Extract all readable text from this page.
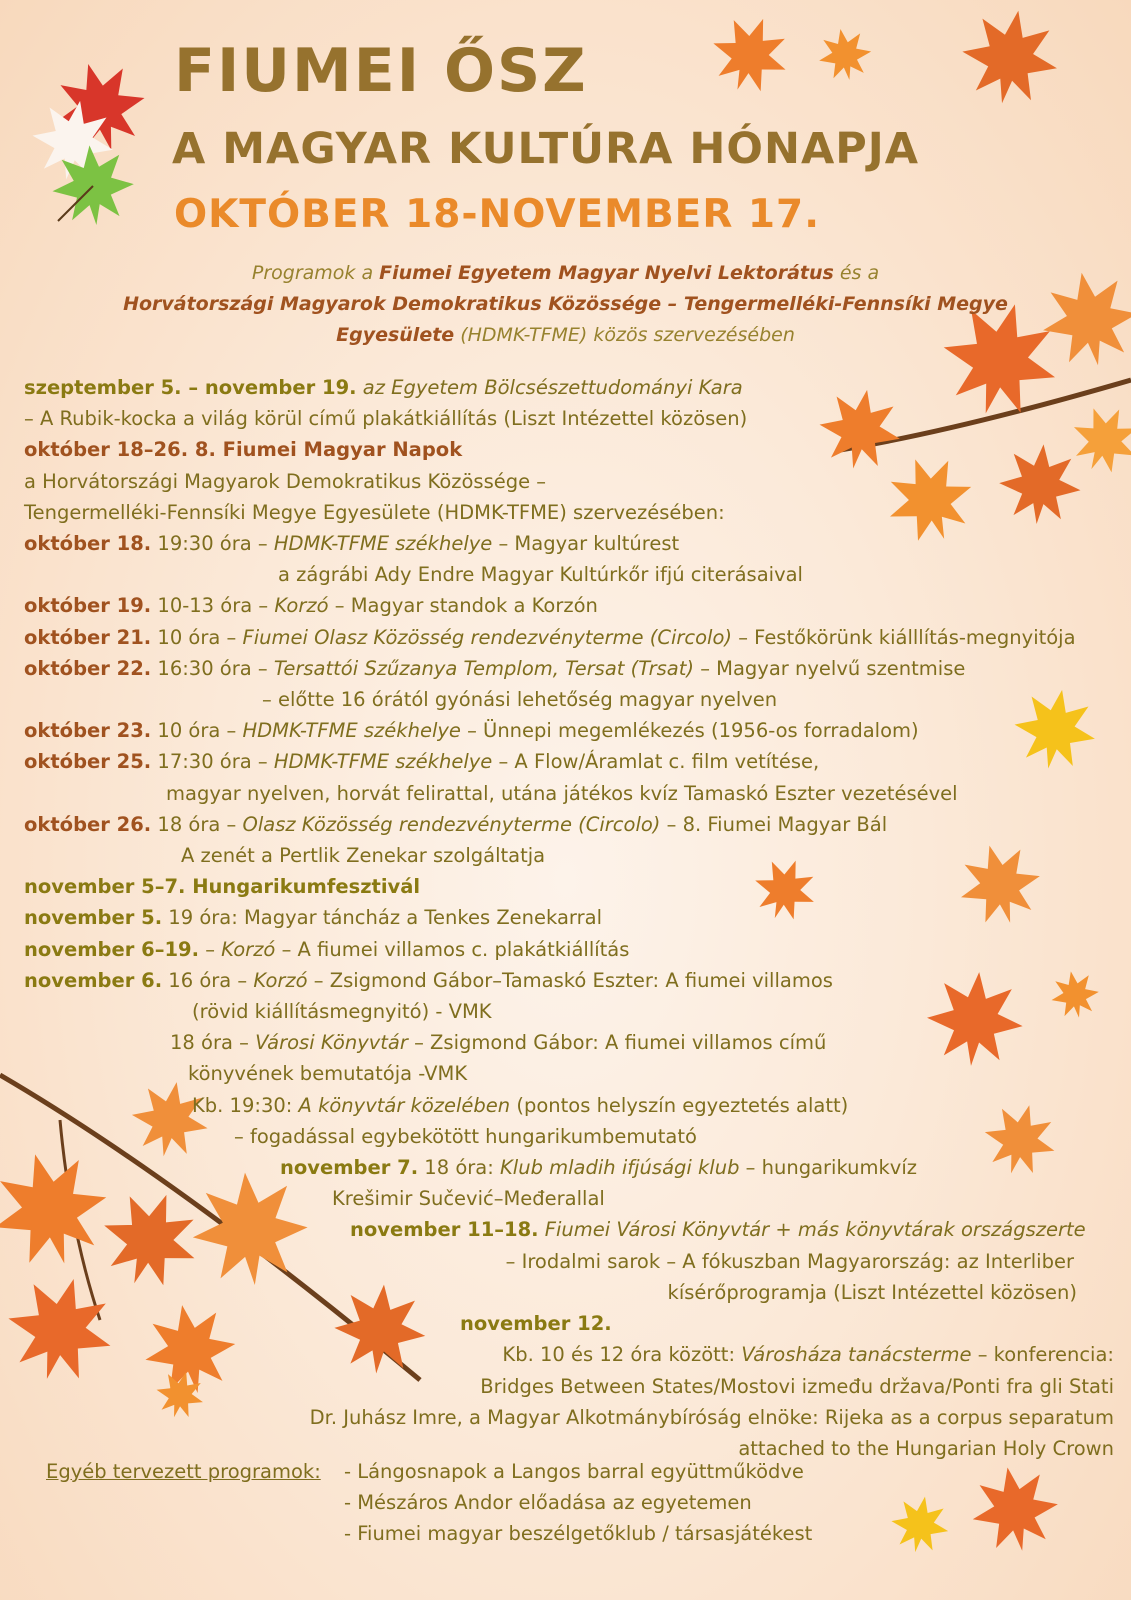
FIUMEI ŐSZ
A MAGYAR KULTÚRA HÓNAPJA
OKTÓBER 18-NOVEMBER 17.
Programok a Fiumei Egyetem Magyar Nyelvi Lektorátus és a
Horvátországi Magyarok Demokratikus Közössége – Tengermelléki-Fennsíki Megye
Egyesülete (HDMK-TFME) közös szervezésében
szeptember 5. – november 19. az Egyetem Bölcsészettudományi Kara
– A Rubik-kocka a világ körül című plakátkiállítás (Liszt Intézettel közösen)
október 18–26. 8. Fiumei Magyar Napok
a Horvátországi Magyarok Demokratikus Közössége –
Tengermelléki-Fennsíki Megye Egyesülete (HDMK-TFME) szervezésében:
október 18. 19:30 óra – HDMK-TFME székhelye – Magyar kultúrest
a zágrábi Ady Endre Magyar Kultúrkőr ifjú citerásaival
október 19. 10-13 óra – Korzó – Magyar standok a Korzón
október 21. 10 óra – Fiumei Olasz Közösség rendezvényterme (Circolo) – Festőkörünk kiálllítás-megnyitója
október 22. 16:30 óra – Tersattói Szűzanya Templom, Tersat (Trsat) – Magyar nyelvű szentmise
– előtte 16 órától gyónási lehetőség magyar nyelven
október 23. 10 óra – HDMK-TFME székhelye – Ünnepi megemlékezés (1956-os forradalom)
október 25. 17:30 óra – HDMK-TFME székhelye – A Flow/Áramlat c. film vetítése,
magyar nyelven, horvát felirattal, utána játékos kvíz Tamaskó Eszter vezetésével
október 26. 18 óra – Olasz Közösség rendezvényterme (Circolo) – 8. Fiumei Magyar Bál
A zenét a Pertlik Zenekar szolgáltatja
november 5–7. Hungarikumfesztivál
november 5. 19 óra: Magyar táncház a Tenkes Zenekarral
november 6–19. – Korzó – A fiumei villamos c. plakátkiállítás
november 6. 16 óra – Korzó – Zsigmond Gábor–Tamaskó Eszter: A fiumei villamos
(rövid kiállításmegnyitó) - VMK
18 óra – Városi Könyvtár – Zsigmond Gábor: A fiumei villamos című
könyvének bemutatója -VMK
Kb. 19:30: A könyvtár közelében (pontos helyszín egyeztetés alatt)
– fogadással egybekötött hungarikumbemutató
november 7. 18 óra: Klub mladih ifjúsági klub – hungarikumkvíz
Krešimir Sučević–Međerallal
november 11–18. Fiumei Városi Könyvtár + más könyvtárak országszerte
– Irodalmi sarok – A fókuszban Magyarország: az Interliber
kísérőprogramja (Liszt Intézettel közösen)
november 12.
Kb. 10 és 12 óra között: Városháza tanácsterme – konferencia:
Bridges Between States/Mostovi između država/Ponti fra gli Stati
Dr. Juhász Imre, a Magyar Alkotmánybíróság elnöke: Rijeka as a corpus separatum
attached to the Hungarian Holy Crown
Egyéb tervezett programok: - Lángosnapok a Langos barral együttműködve
- Mészáros Andor előadása az egyetemen
- Fiumei magyar beszélgetőklub / társasjátékest
